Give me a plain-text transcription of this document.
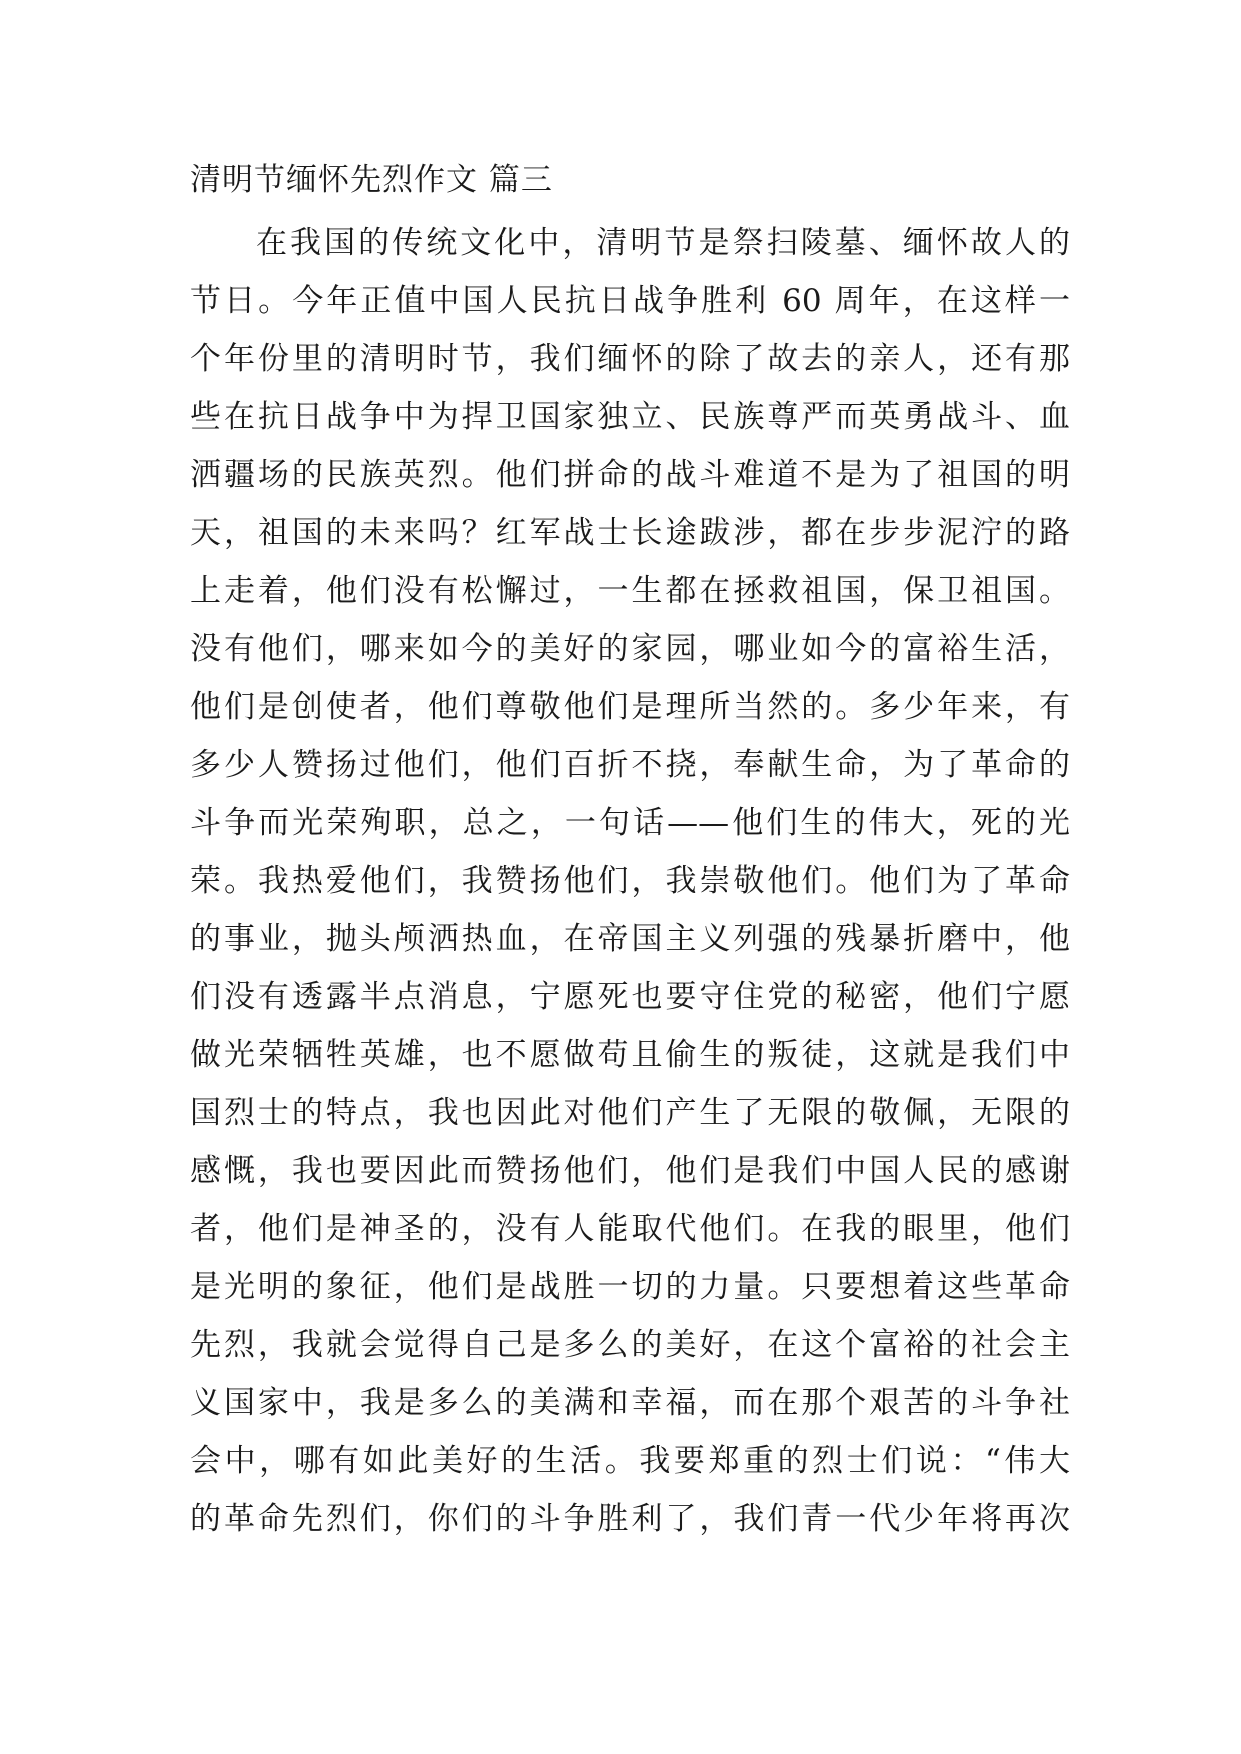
清明节缅怀先烈作文 篇三
在我国的传统文化中，清明节是祭扫陵墓、缅怀故人的
节日。今年正值中国人民抗日战争胜利 60 周年，在这样一
个年份里的清明时节，我们缅怀的除了故去的亲人，还有那
些在抗日战争中为捍卫国家独立、民族尊严而英勇战斗、血
洒疆场的民族英烈。他们拼命的战斗难道不是为了祖国的明
天，祖国的未来吗？红军战士长途跋涉，都在步步泥泞的路
上走着，他们没有松懈过，一生都在拯救祖国，保卫祖国。
没有他们，哪来如今的美好的家园，哪业如今的富裕生活，
他们是创使者，他们尊敬他们是理所当然的。多少年来，有
多少人赞扬过他们，他们百折不挠，奉献生命，为了革命的
斗争而光荣殉职，总之，一句话——他们生的伟大，死的光
荣。我热爱他们，我赞扬他们，我崇敬他们。他们为了革命
的事业，抛头颅洒热血，在帝国主义列强的残暴折磨中，他
们没有透露半点消息，宁愿死也要守住党的秘密，他们宁愿
做光荣牺牲英雄，也不愿做苟且偷生的叛徒，这就是我们中
国烈士的特点，我也因此对他们产生了无限的敬佩，无限的
感慨，我也要因此而赞扬他们，他们是我们中国人民的感谢
者，他们是神圣的，没有人能取代他们。在我的眼里，他们
是光明的象征，他们是战胜一切的力量。只要想着这些革命
先烈，我就会觉得自己是多么的美好，在这个富裕的社会主
义国家中，我是多么的美满和幸福，而在那个艰苦的斗争社
会中，哪有如此美好的生活。我要郑重的烈士们说：“伟大
的革命先烈们，你们的斗争胜利了，我们青一代少年将再次
